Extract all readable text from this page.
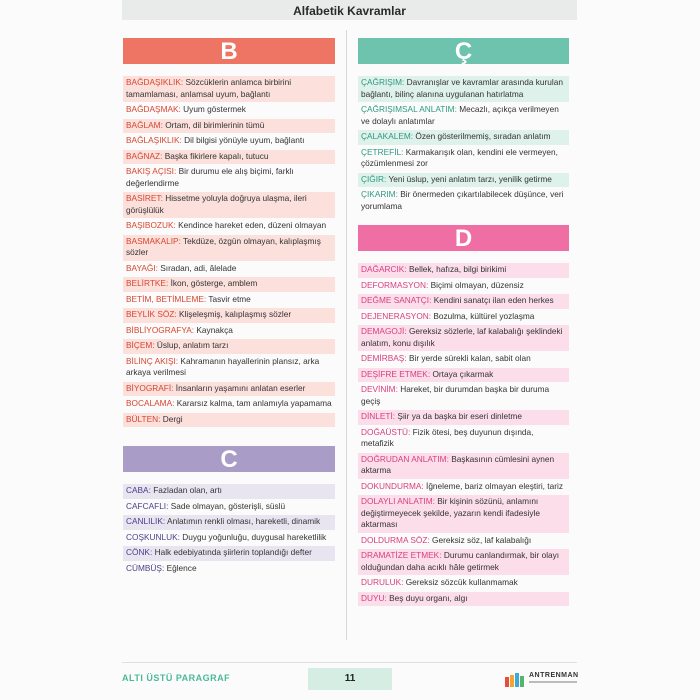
Alfabetik Kavramlar
B
BAĞDAŞIKLIK: Sözcüklerin anlamca birbirini tamamlaması, anlamsal uyum, bağlantı
BAĞDAŞMAK: Uyum göstermek
BAĞLAM: Ortam, dil birimlerinin tümü
BAĞLAŞIKLIK: Dil bilgisi yönüyle uyum, bağlantı
BAĞNAZ: Başka fikirlere kapalı, tutucu
BAKIŞ AÇISI: Bir durumu ele alış biçimi, farklı değerlendirme
BASİRET: Hissetme yoluyla doğruya ulaşma, ileri görüşlülük
BAŞIBOZUK: Kendince hareket eden, düzeni olmayan
BASMAKALIP: Tekdüze, özgün olmayan, kalıplaşmış sözler
BAYAĞI: Sıradan, adi, âlelade
BELİRTKE: İkon, gösterge, amblem
BETİM, BETİMLEME: Tasvir etme
BEYLİK SÖZ: Klişeleşmiş, kalıplaşmış sözler
BİBLİYOGRAFYA: Kaynakça
BİÇEM: Üslup, anlatım tarzı
BİLİNÇ AKIŞI: Kahramanın hayallerinin plansız, arka arkaya verilmesi
BİYOGRAFİ: İnsanların yaşamını anlatan eserler
BOCALAMA: Kararsız kalma, tam anlamıyla yapamama
BÜLTEN: Dergi
C
CABA: Fazladan olan, artı
CAFCAFLI: Sade olmayan, gösterişli, süslü
CANLILIK: Anlatımın renkli olması, hareketli, dinamik
COŞKUNLUK: Duygu yoğunluğu, duygusal hareketlilik
CÖNK: Halk edebiyatında şiirlerin toplandığı defter
CÜMBÜŞ: Eğlence
Ç
ÇAĞRIŞIM: Davranışlar ve kavramlar arasında kurulan bağlantı, bilinç alanına uygulanan hatırlatma
ÇAĞRIŞIMSAL ANLATIM: Mecazlı, açıkça verilmeyen ve dolaylı anlatımlar
ÇALAKALEM: Özen gösterilmemiş, sıradan anlatım
ÇETREFİL: Karmakarışık olan, kendini ele vermeyen, çözümlenmesi zor
ÇIĞIR: Yeni üslup, yeni anlatım tarzı, yenilik getirme
ÇIKARIM: Bir önermeden çıkartılabilecek düşünce, veri yorumlama
D
DAĞARCIK: Bellek, hafıza, bilgi birikimi
DEFORMASYON: Biçimi olmayan, düzensiz
DEĞME SANATÇI: Kendini sanatçı ilan eden herkes
DEJENERASYON: Bozulma, kültürel yozlaşma
DEMAGOJİ: Gereksiz sözlerle, laf kalabalığı şeklindeki anlatım, konu dışılık
DEMİRBAŞ: Bir yerde sürekli kalan, sabit olan
DEŞİFRE ETMEK: Ortaya çıkarmak
DEVİNİM: Hareket, bir durumdan başka bir duruma geçiş
DİNLETİ: Şiir ya da başka bir eseri dinletme
DOĞAÜSTÜ: Fizik ötesi, beş duyunun dışında, metafizik
DOĞRUDAN ANLATIM: Başkasının cümlesini aynen aktarma
DOKUNDURMA: İğneleme, bariz olmayan eleştiri, tariz
DOLAYLI ANLATIM: Bir kişinin sözünü, anlamını değiştirmeyecek şekilde, yazarın kendi ifadesiyle aktarması
DOLDURMA SÖZ: Gereksiz söz, laf kalabalığı
DRAMATİZE ETMEK: Durumu canlandırmak, bir olayı olduğundan daha acıklı hâle getirmek
DURULUK: Gereksiz sözcük kullanmamak
DUYU: Beş duyu organı, algı
ALTI ÜSTÜ PARAGRAF	11	ANTRENMAN
